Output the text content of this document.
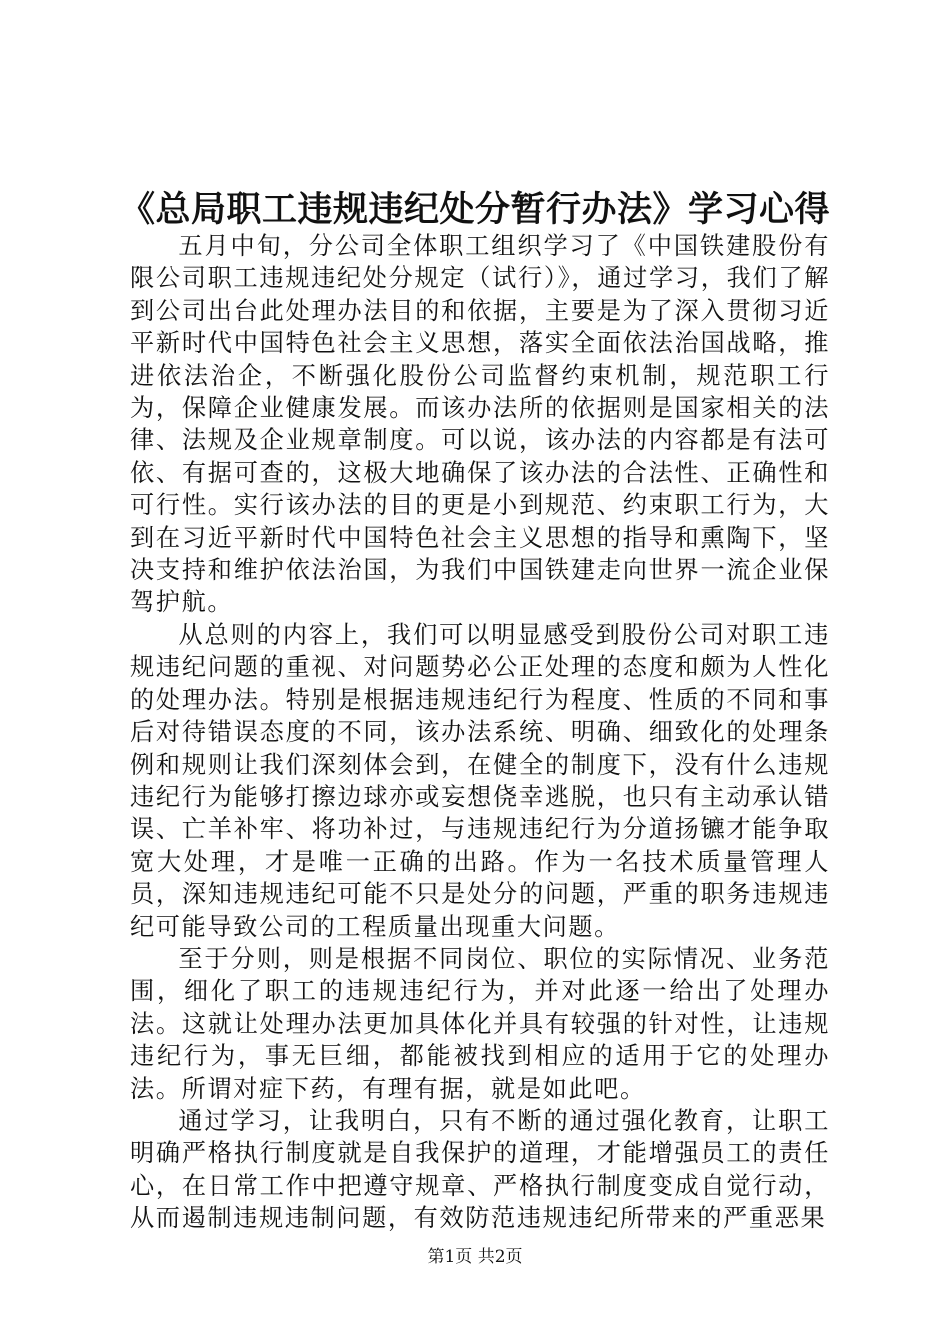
《总局职工违规违纪处分暂行办法》学习心得

五月中旬，分公司全体职工组织学习了《中国铁建股份有限公司职工违规违纪处分规定（试行）》，通过学习，我们了解到公司出台此处理办法目的和依据，主要是为了深入贯彻习近平新时代中国特色社会主义思想，落实全面依法治国战略，推进依法治企，不断强化股份公司监督约束机制，规范职工行为，保障企业健康发展。而该办法所的依据则是国家相关的法律、法规及企业规章制度。可以说，该办法的内容都是有法可依、有据可查的，这极大地确保了该办法的合法性、正确性和可行性。实行该办法的目的更是小到规范、约束职工行为，大到在习近平新时代中国特色社会主义思想的指导和熏陶下，坚决支持和维护依法治国，为我们中国铁建走向世界一流企业保驾护航。

从总则的内容上，我们可以明显感受到股份公司对职工违规违纪问题的重视、对问题势必公正处理的态度和颇为人性化的处理办法。特别是根据违规违纪行为程度、性质的不同和事后对待错误态度的不同，该办法系统、明确、细致化的处理条例和规则让我们深刻体会到，在健全的制度下，没有什么违规违纪行为能够打擦边球亦或妄想侥幸逃脱，也只有主动承认错误、亡羊补牢、将功补过，与违规违纪行为分道扬镳才能争取宽大处理，才是唯一正确的出路。作为一名技术质量管理人员，深知违规违纪可能不只是处分的问题，严重的职务违规违纪可能导致公司的工程质量出现重大问题。

至于分则，则是根据不同岗位、职位的实际情况、业务范围，细化了职工的违规违纪行为，并对此逐一给出了处理办法。这就让处理办法更加具体化并具有较强的针对性，让违规违纪行为，事无巨细，都能被找到相应的适用于它的处理办法。所谓对症下药，有理有据，就是如此吧。

通过学习，让我明白，只有不断的通过强化教育，让职工明确严格执行制度就是自我保护的道理，才能增强员工的责任心，在日常工作中把遵守规章、严格执行制度变成自觉行动，从而遏制违规违制问题，有效防范违规违纪所带来的严重恶果

第1页 共2页
